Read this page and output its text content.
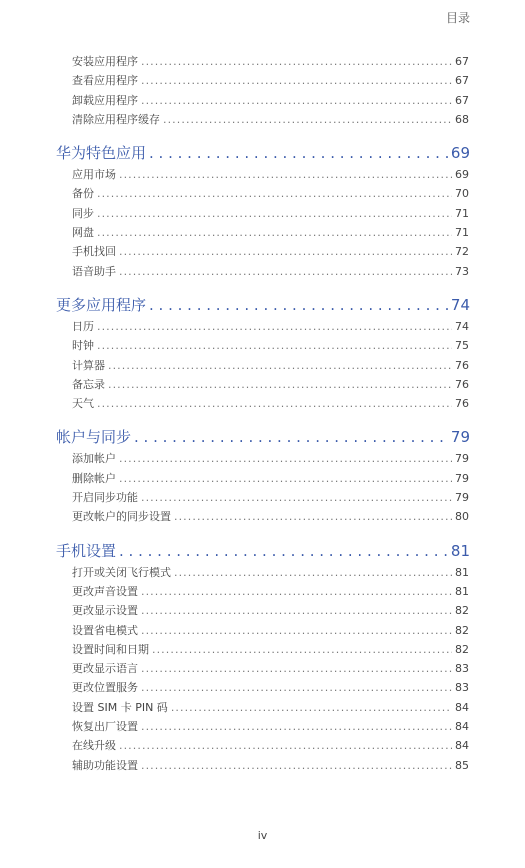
目录
安装应用程序 . . .	67
查看应用程序 . . .	67
卸载应用程序 . . .	67
清除应用程序缓存 . . .	68
华为特色应用 . . .	69
应用市场 . . .	69
备份 . . .	70
同步 . . .	71
网盘 . . .	71
手机找回 . . .	72
语音助手 . . .	73
更多应用程序 . . .	74
日历 . . .	74
时钟 . . .	75
计算器 . . .	76
备忘录 . . .	76
天气 . . .	76
帐户与同步 . . .	79
添加帐户 . . .	79
删除帐户 . . .	79
开启同步功能 . . .	79
更改帐户的同步设置 . . .	80
手机设置 . . .	81
打开或关闭飞行模式 . . .	81
更改声音设置 . . .	81
更改显示设置 . . .	82
设置省电模式 . . .	82
设置时间和日期 . . .	82
更改显示语言 . . .	83
更改位置服务 . . .	83
设置 SIM 卡 PIN 码 . . .	84
恢复出厂设置 . . .	84
在线升级 . . .	84
辅助功能设置 . . .	85
iv
